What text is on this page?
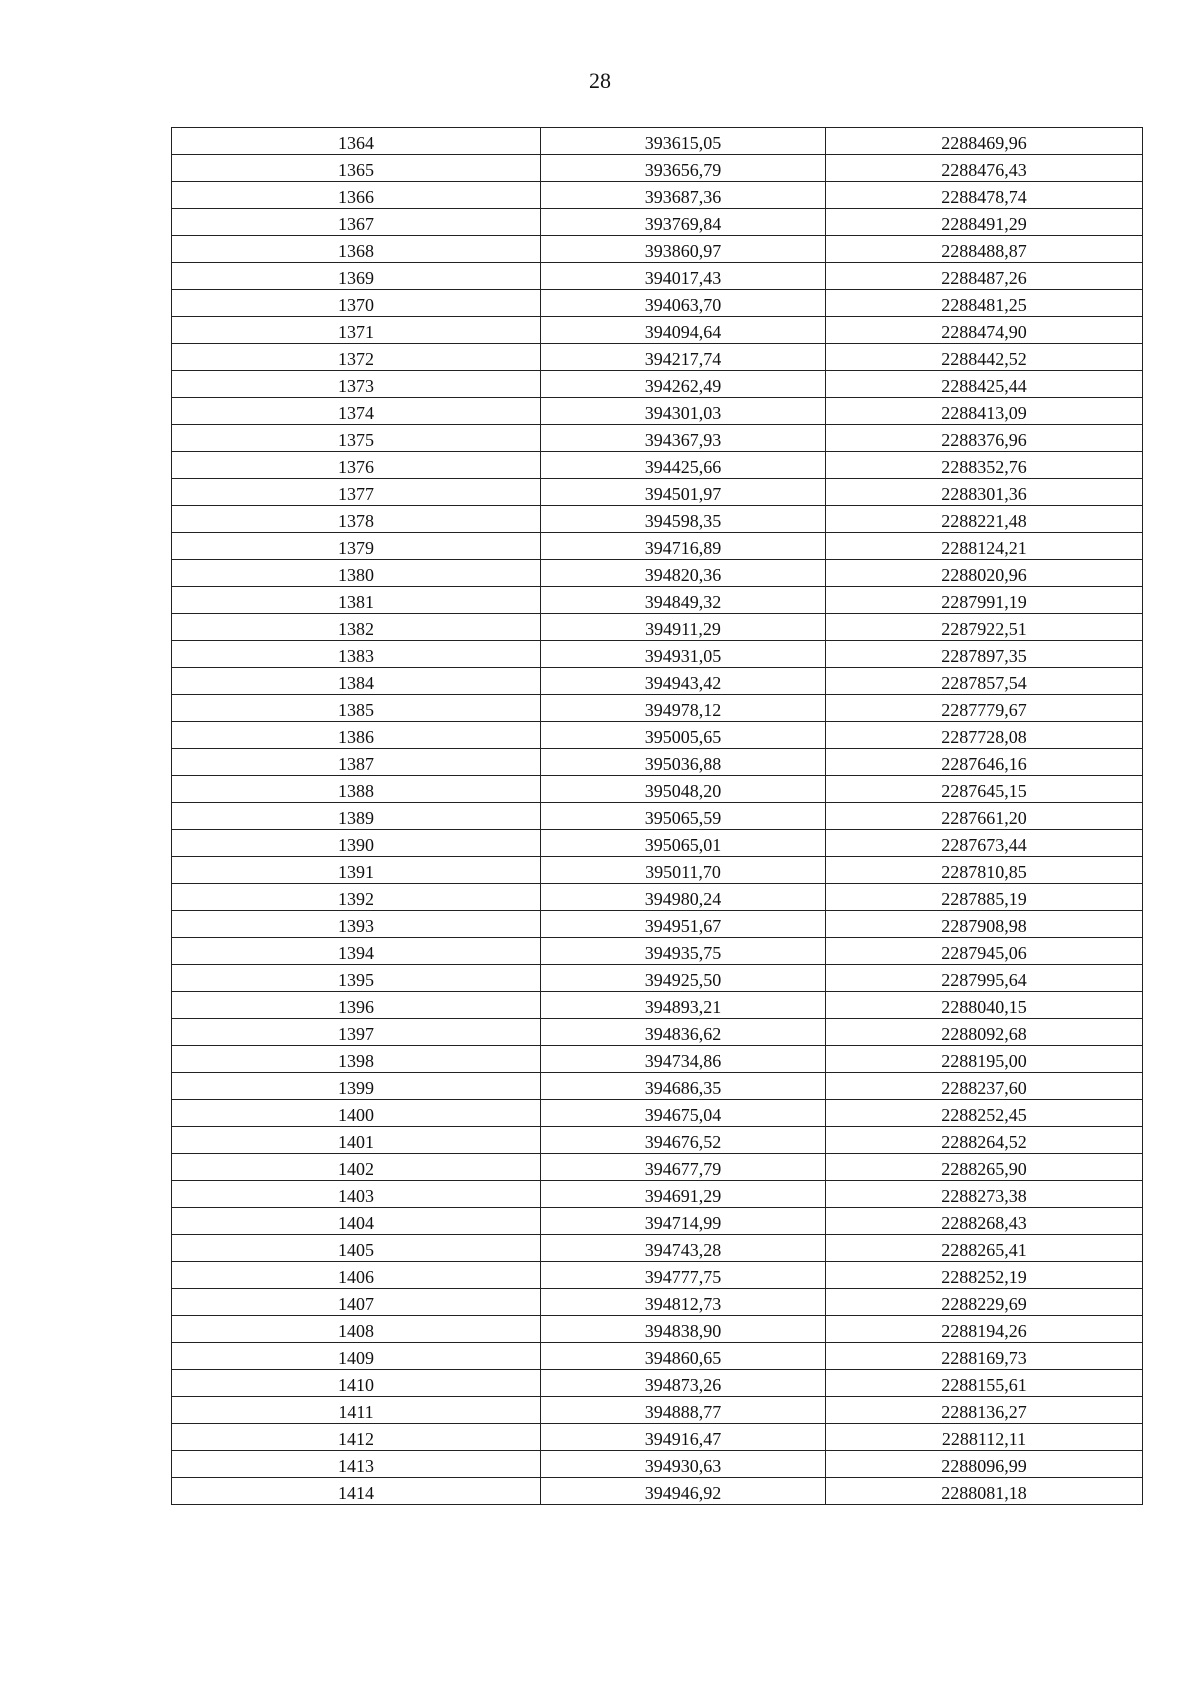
28
1364	393615,05	2288469,96
1365	393656,79	2288476,43
1366	393687,36	2288478,74
1367	393769,84	2288491,29
1368	393860,97	2288488,87
1369	394017,43	2288487,26
1370	394063,70	2288481,25
1371	394094,64	2288474,90
1372	394217,74	2288442,52
1373	394262,49	2288425,44
1374	394301,03	2288413,09
1375	394367,93	2288376,96
1376	394425,66	2288352,76
1377	394501,97	2288301,36
1378	394598,35	2288221,48
1379	394716,89	2288124,21
1380	394820,36	2288020,96
1381	394849,32	2287991,19
1382	394911,29	2287922,51
1383	394931,05	2287897,35
1384	394943,42	2287857,54
1385	394978,12	2287779,67
1386	395005,65	2287728,08
1387	395036,88	2287646,16
1388	395048,20	2287645,15
1389	395065,59	2287661,20
1390	395065,01	2287673,44
1391	395011,70	2287810,85
1392	394980,24	2287885,19
1393	394951,67	2287908,98
1394	394935,75	2287945,06
1395	394925,50	2287995,64
1396	394893,21	2288040,15
1397	394836,62	2288092,68
1398	394734,86	2288195,00
1399	394686,35	2288237,60
1400	394675,04	2288252,45
1401	394676,52	2288264,52
1402	394677,79	2288265,90
1403	394691,29	2288273,38
1404	394714,99	2288268,43
1405	394743,28	2288265,41
1406	394777,75	2288252,19
1407	394812,73	2288229,69
1408	394838,90	2288194,26
1409	394860,65	2288169,73
1410	394873,26	2288155,61
1411	394888,77	2288136,27
1412	394916,47	2288112,11
1413	394930,63	2288096,99
1414	394946,92	2288081,18
